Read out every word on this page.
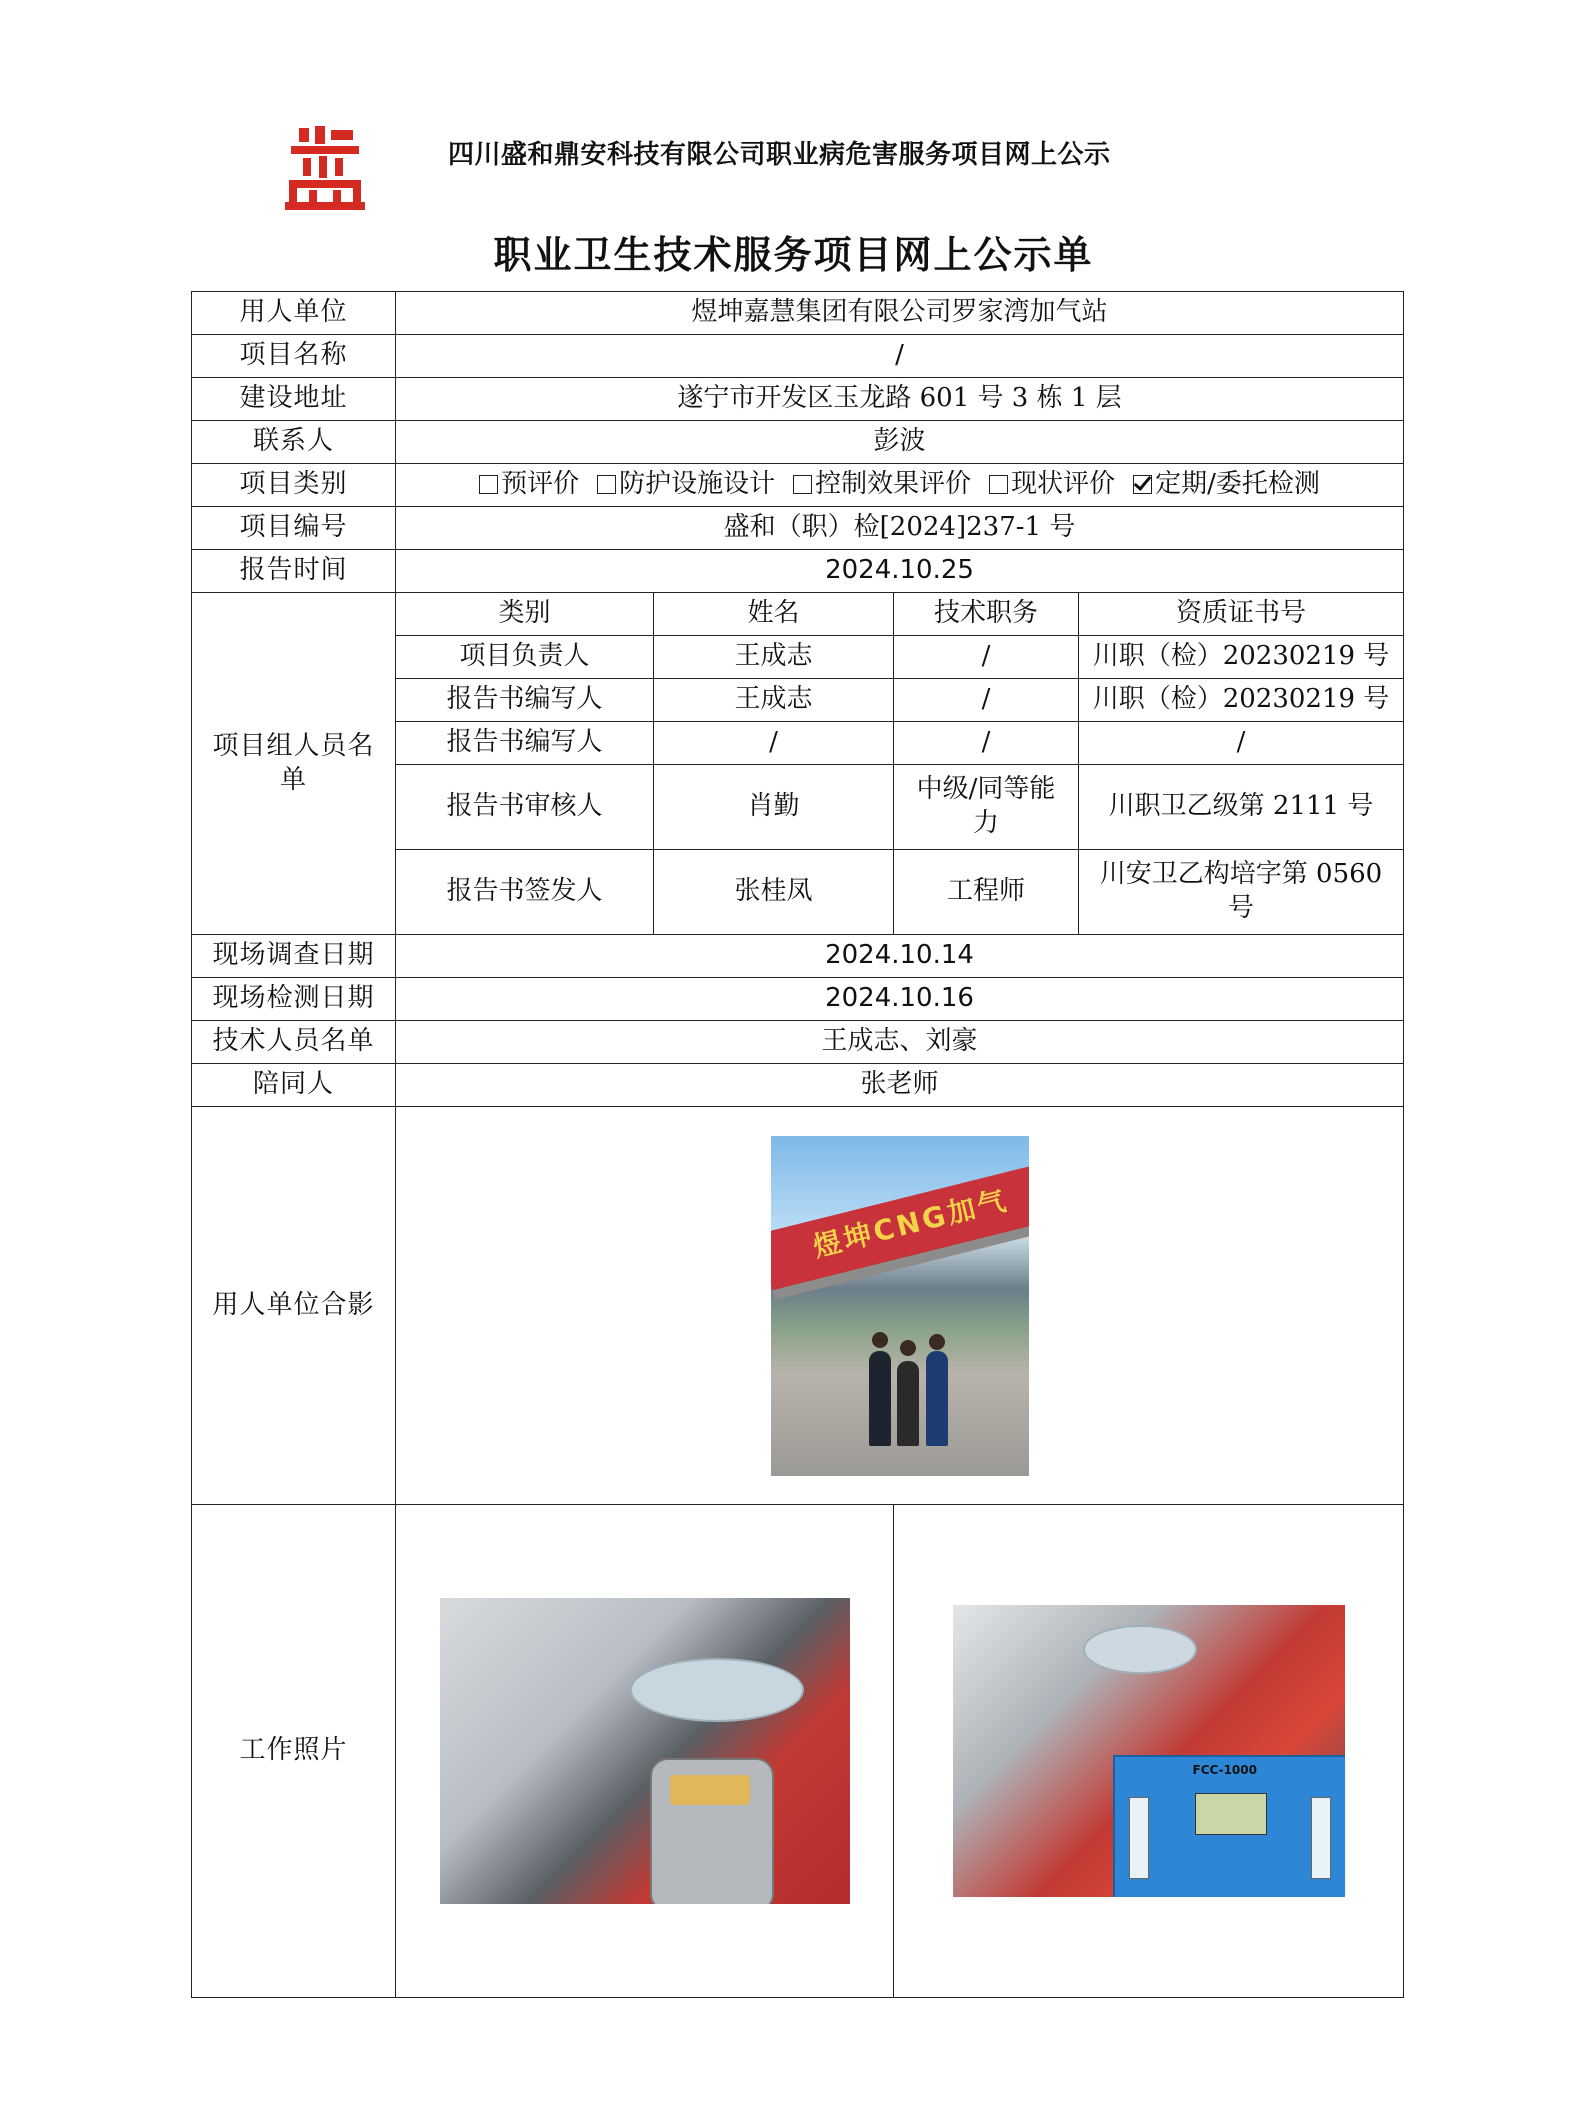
四川盛和鼎安科技有限公司职业病危害服务项目网上公示
职业卫生技术服务项目网上公示单
用人单位	煜坤嘉慧集团有限公司罗家湾加气站			
项目名称	/			
建设地址	遂宁市开发区玉龙路 601 号 3 栋 1 层			
联系人	彭波			
项目类别	预评价 防护设施设计 控制效果评价 现状评价 定期/委托检测			
项目编号	盛和（职）检[2024]237-1 号			
报告时间	2024.10.25			
项目组人员名单	类别	姓名	技术职务	资质证书号
	项目负责人	王成志	/	川职（检）20230219 号
	报告书编写人	王成志	/	川职（检）20230219 号
	报告书编写人	/	/	/
	报告书审核人	肖勤	中级/同等能力	川职卫乙级第 2111 号
	报告书签发人	张桂凤	工程师	川安卫乙构培字第 0560 号
现场调查日期	2024.10.14			
现场检测日期	2024.10.16			
技术人员名单	王成志、刘豪			
陪同人	张老师			
用人单位合影	煜坤CNG加气			

工作照片			FCC-1000	
